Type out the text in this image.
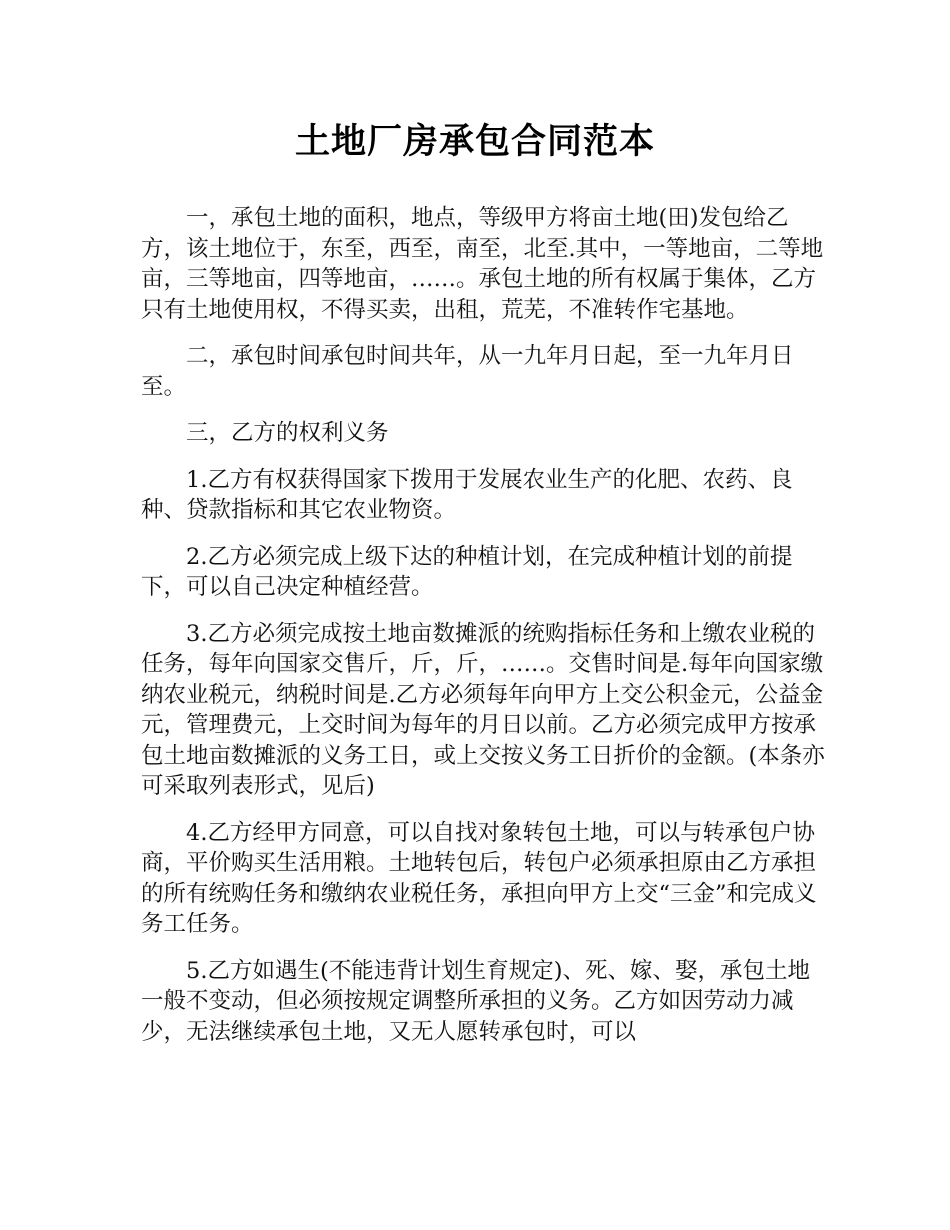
土地厂房承包合同范本

一，承包土地的面积，地点，等级甲方将亩土地(田)发包给乙方，该土地位于，东至，西至，南至，北至.其中，一等地亩，二等地亩，三等地亩，四等地亩，……。承包土地的所有权属于集体，乙方只有土地使用权，不得买卖，出租，荒芜，不准转作宅基地。

二，承包时间承包时间共年，从一九年月日起，至一九年月日至。

三，乙方的权利义务

1.乙方有权获得国家下拨用于发展农业生产的化肥、农药、良种、贷款指标和其它农业物资。

2.乙方必须完成上级下达的种植计划，在完成种植计划的前提下，可以自己决定种植经营。

3.乙方必须完成按土地亩数摊派的统购指标任务和上缴农业税的任务，每年向国家交售斤，斤，斤，……。交售时间是.每年向国家缴纳农业税元，纳税时间是.乙方必须每年向甲方上交公积金元，公益金元，管理费元，上交时间为每年的月日以前。乙方必须完成甲方按承包土地亩数摊派的义务工日，或上交按义务工日折价的金额。(本条亦可采取列表形式，见后)

4.乙方经甲方同意，可以自找对象转包土地，可以与转承包户协商，平价购买生活用粮。土地转包后，转包户必须承担原由乙方承担的所有统购任务和缴纳农业税任务，承担向甲方上交“三金”和完成义务工任务。

5.乙方如遇生(不能违背计划生育规定)、死、嫁、娶，承包土地一般不变动，但必须按规定调整所承担的义务。乙方如因劳动力减少，无法继续承包土地，又无人愿转承包时，可以
